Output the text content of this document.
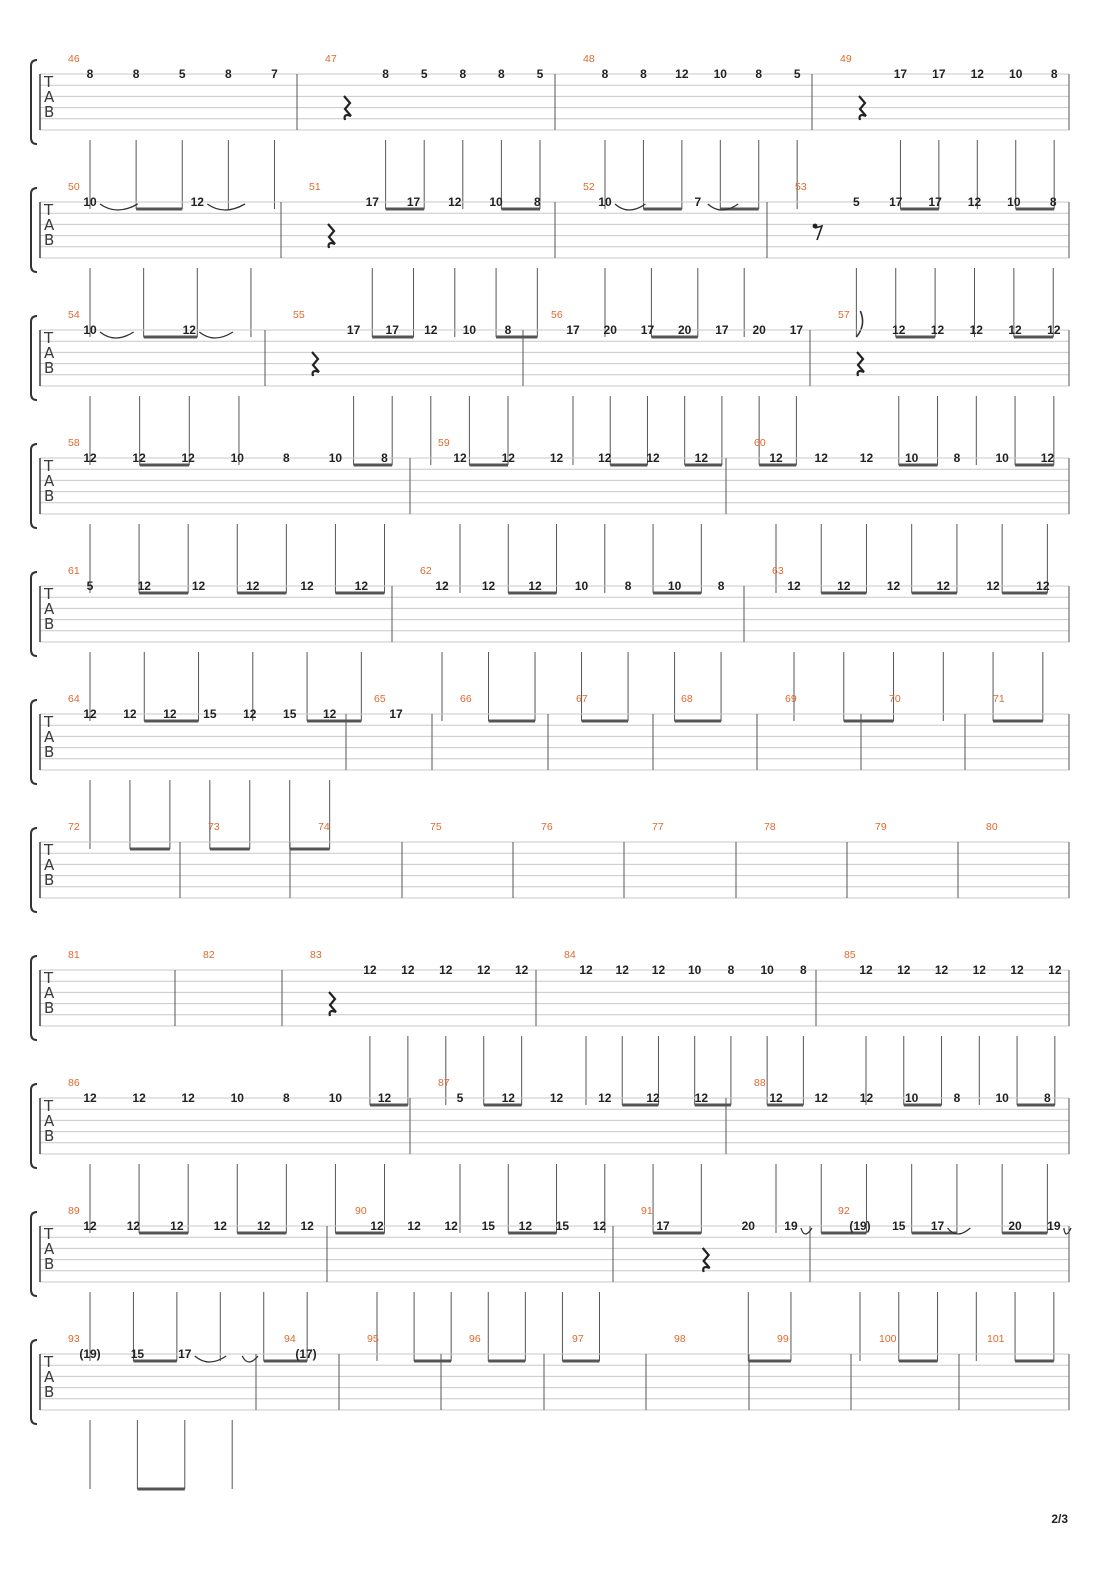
T
A
B
46
8	8	5	8	7
47
8	5	8	8	5
48
8	8 12 10 8	5
49
17 17 12 10 8
T
A
B
50
10	12
51
17 17 12 10	8
52
10	7
53
5 17 17 12 10 8
T
A
B
54
10	12
55
17 17 12 10 8
56
17 20 17 20 17 20 17
57
12 12 12 12 12
T
A
B
58
12	12	12	10	8	10	8
59
12	12	12	12	12	12
60
12	12	12	10	8	10	12
T
A
B
61
5	12	12	12	12	12
62
12	12	12	10	8	10	8
63
12	12	12	12	12	12
T
A
B
64
12 12 12 15 12 15 12
65
17
66	67	68	69	70	71
T
A
B
72	73	74	75	76	77	78	79	80
T
A
B
81	82	83
12 12 12 12 12
84
12 12 12 10 8 10 8
85
12 12 12 12 12 12
T
A
B
86
12	12	12	10	8	10	12
87
5	12	12	12	12	12
88
12	12	12	10	8	10	8
T
A
B
89
12	12	12	12	12	12
90
12 12 12 15 12 15 12
91
17	20 19
92
(19) 15 17	20 19
T
A
B
93
(19)	15	17
94
(17)
95	96	97	98	99	100	101
2/3
